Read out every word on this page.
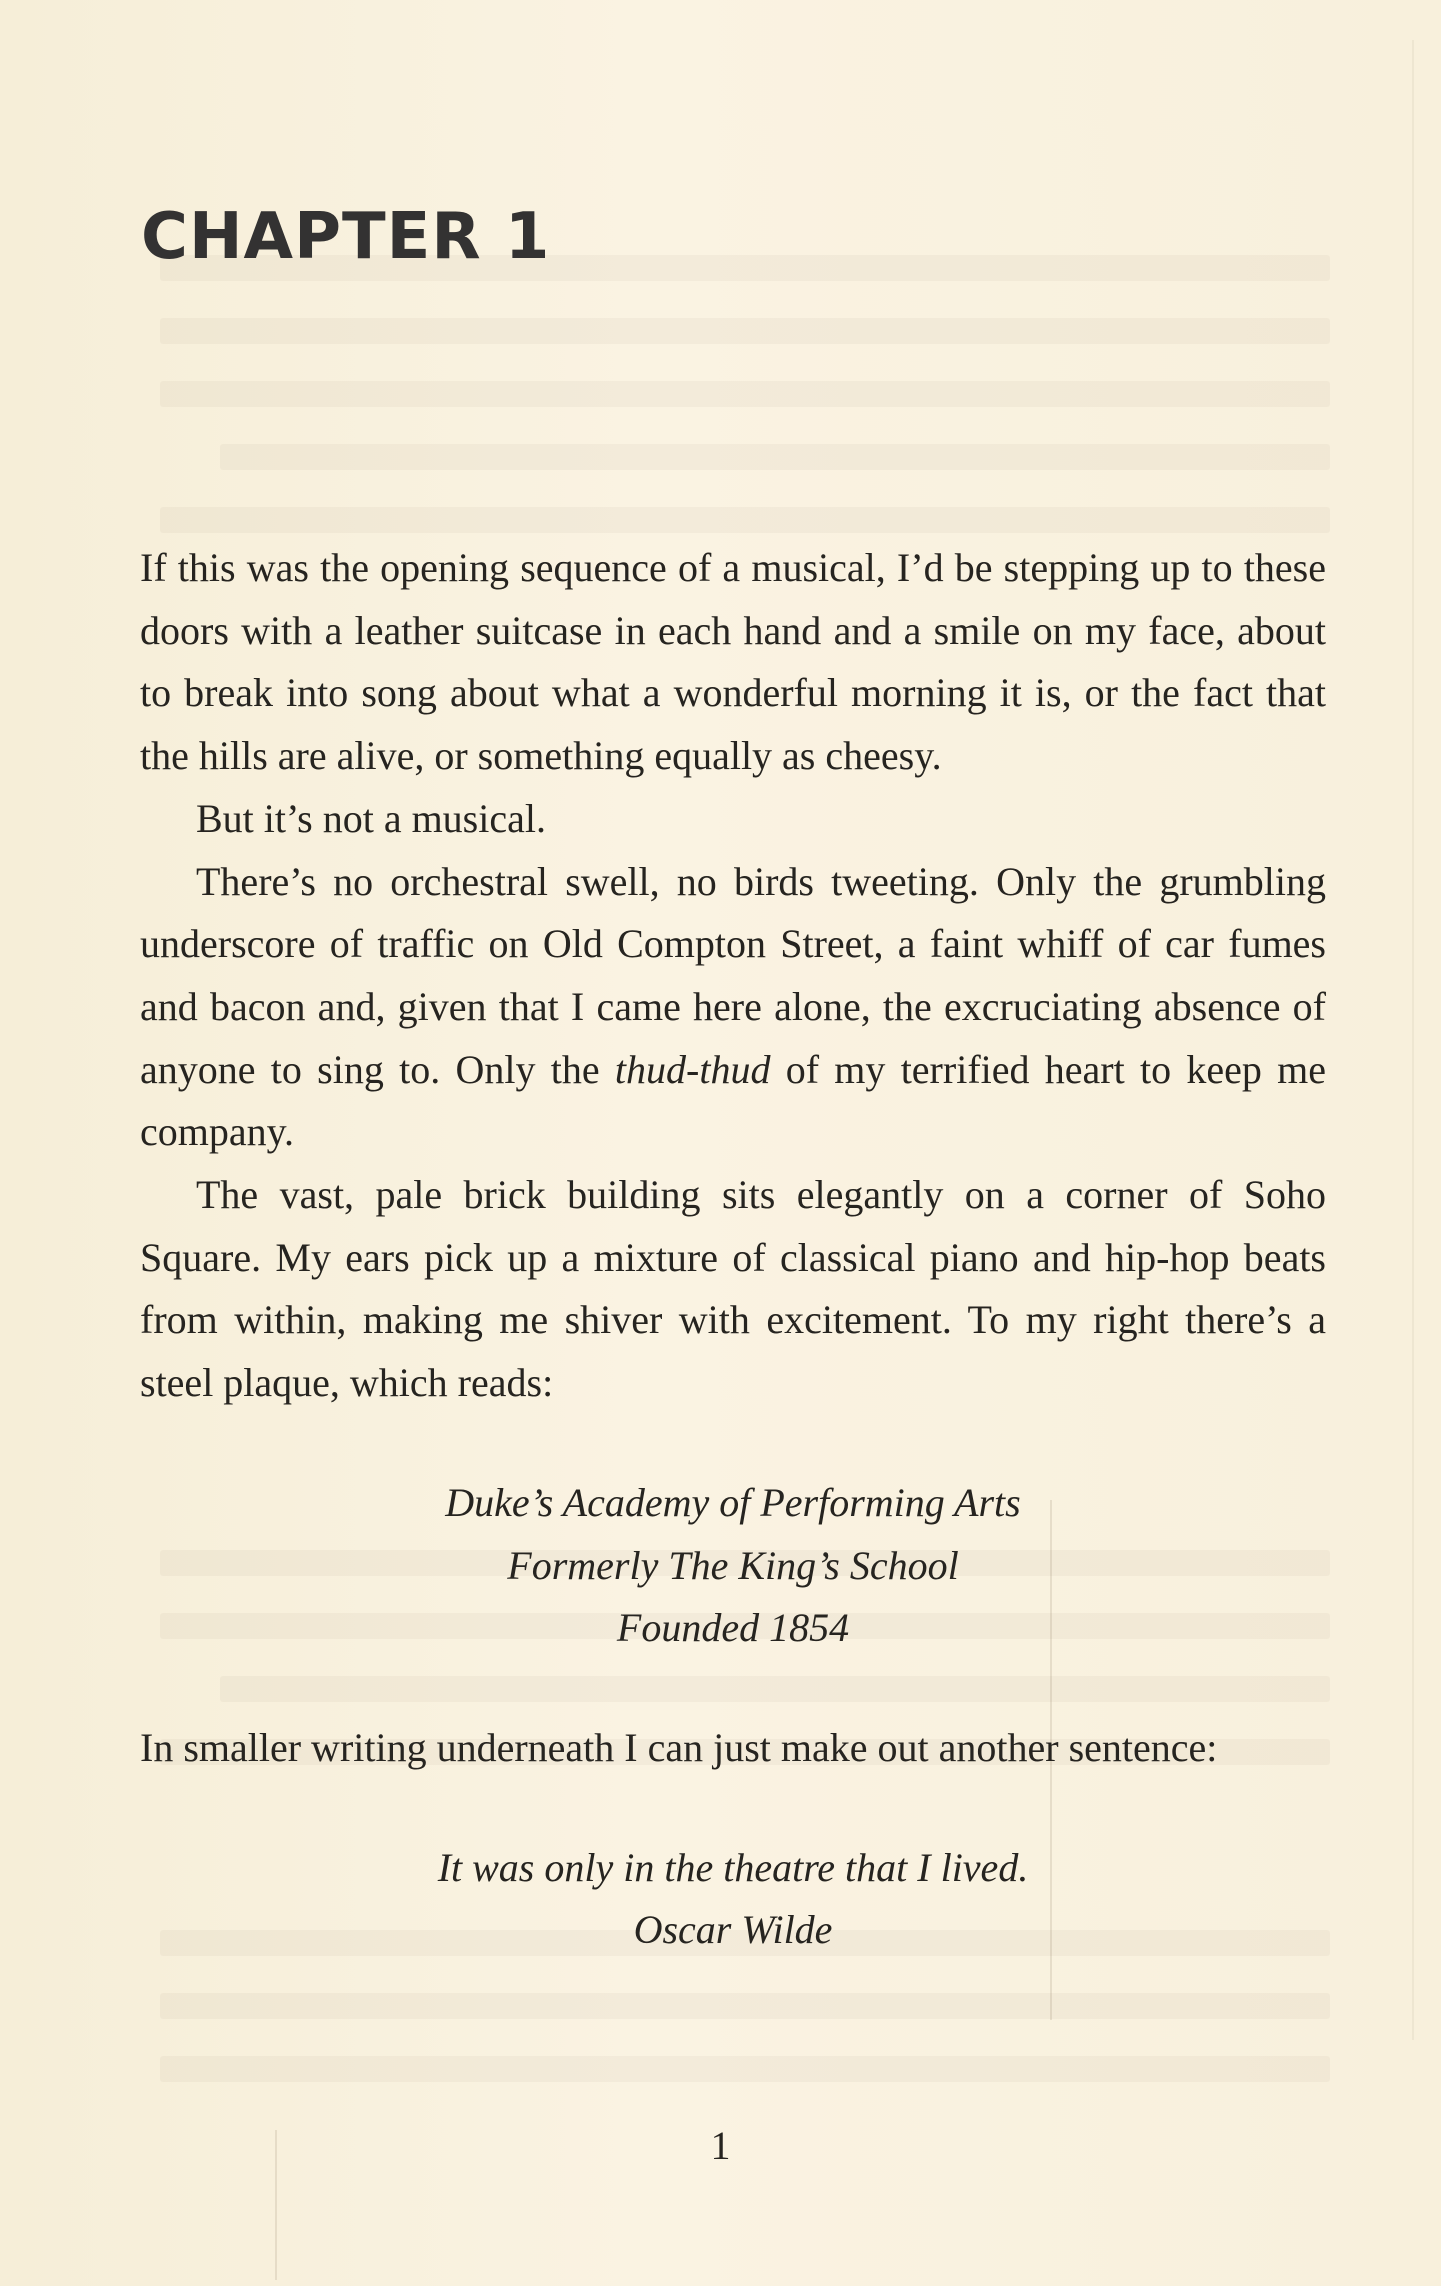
CHAPTER 1

If this was the opening sequence of a musical, I’d be stepping up to these doors with a leather suitcase in each hand and a smile on my face, about to break into song about what a wonderful morning it is, or the fact that the hills are alive, or something equally as cheesy.

But it’s not a musical.

There’s no orchestral swell, no birds tweeting. Only the grumbling underscore of traffic on Old Compton Street, a faint whiff of car fumes and bacon and, given that I came here alone, the excruciating absence of anyone to sing to. Only the thud-thud of my terrified heart to keep me company.

The vast, pale brick building sits elegantly on a corner of Soho Square. My ears pick up a mixture of classical piano and hip-hop beats from within, making me shiver with excitement. To my right there’s a steel plaque, which reads:

Duke’s Academy of Performing Arts
Formerly The King’s School
Founded 1854

In smaller writing underneath I can just make out another sentence:

It was only in the theatre that I lived.
Oscar Wilde
1
